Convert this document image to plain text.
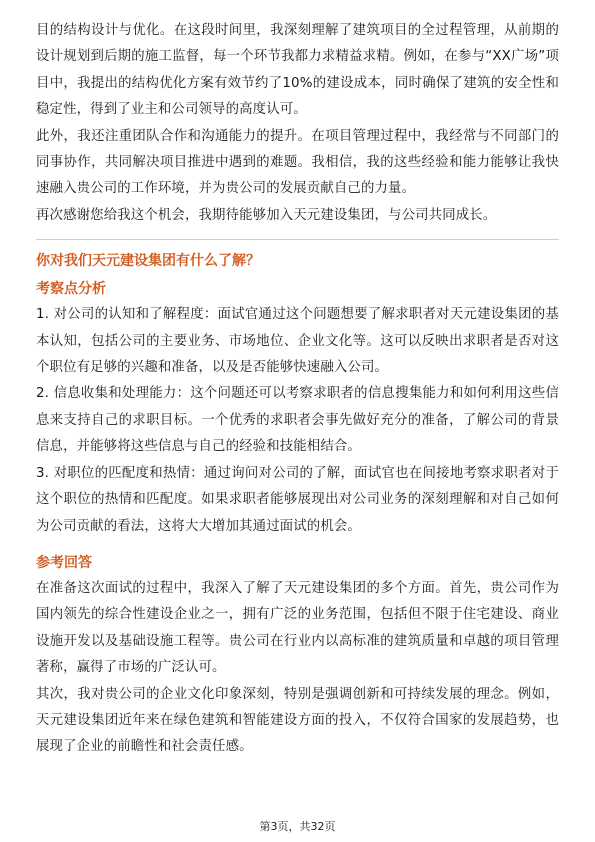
目的结构设计与优化。在这段时间里，我深刻理解了建筑项目的全过程管理，从前期的设计规划到后期的施工监督，每一个环节我都力求精益求精。例如，在参与“XX广场”项目中，我提出的结构优化方案有效节约了10%的建设成本，同时确保了建筑的安全性和稳定性，得到了业主和公司领导的高度认可。

此外，我还注重团队合作和沟通能力的提升。在项目管理过程中，我经常与不同部门的同事协作，共同解决项目推进中遇到的难题。我相信，我的这些经验和能力能够让我快速融入贵公司的工作环境，并为贵公司的发展贡献自己的力量。

再次感谢您给我这个机会，我期待能够加入天元建设集团，与公司共同成长。

你对我们天元建设集团有什么了解？
考察点分析

1. 对公司的认知和了解程度：面试官通过这个问题想要了解求职者对天元建设集团的基本认知，包括公司的主要业务、市场地位、企业文化等。这可以反映出求职者是否对这个职位有足够的兴趣和准备，以及是否能够快速融入公司。

2. 信息收集和处理能力：这个问题还可以考察求职者的信息搜集能力和如何利用这些信息来支持自己的求职目标。一个优秀的求职者会事先做好充分的准备，了解公司的背景信息，并能够将这些信息与自己的经验和技能相结合。

3. 对职位的匹配度和热情：通过询问对公司的了解，面试官也在间接地考察求职者对于这个职位的热情和匹配度。如果求职者能够展现出对公司业务的深刻理解和对自己如何为公司贡献的看法，这将大大增加其通过面试的机会。

参考回答

在准备这次面试的过程中，我深入了解了天元建设集团的多个方面。首先，贵公司作为国内领先的综合性建设企业之一，拥有广泛的业务范围，包括但不限于住宅建设、商业设施开发以及基础设施工程等。贵公司在行业内以高标准的建筑质量和卓越的项目管理著称，赢得了市场的广泛认可。

其次，我对贵公司的企业文化印象深刻，特别是强调创新和可持续发展的理念。例如，天元建设集团近年来在绿色建筑和智能建设方面的投入，不仅符合国家的发展趋势，也展现了企业的前瞻性和社会责任感。

第3页，共32页
